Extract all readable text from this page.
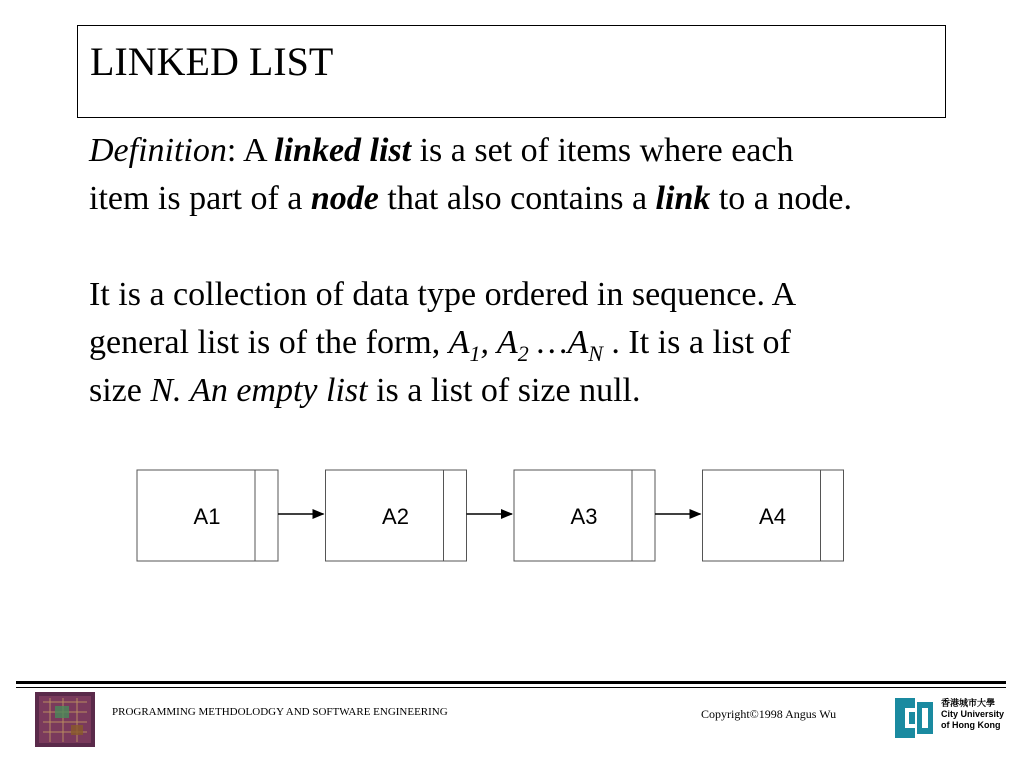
LINKED LIST

Definition: A linked list is a set of items where each
item is part of a node that also contains a link to a node.

It is a collection of data type ordered in sequence. A
general list is of the form, $A_1$, $A_2$ $\dots A_N$ . It is a list of
size N. An empty list is a list of size null.

A1	A2	A3	A4
PROGRAMMING METHDOLODGY AND SOFTWARE ENGINEERING	Copyright©1998 Angus Wu
香港城市大學
City University
of Hong Kong
